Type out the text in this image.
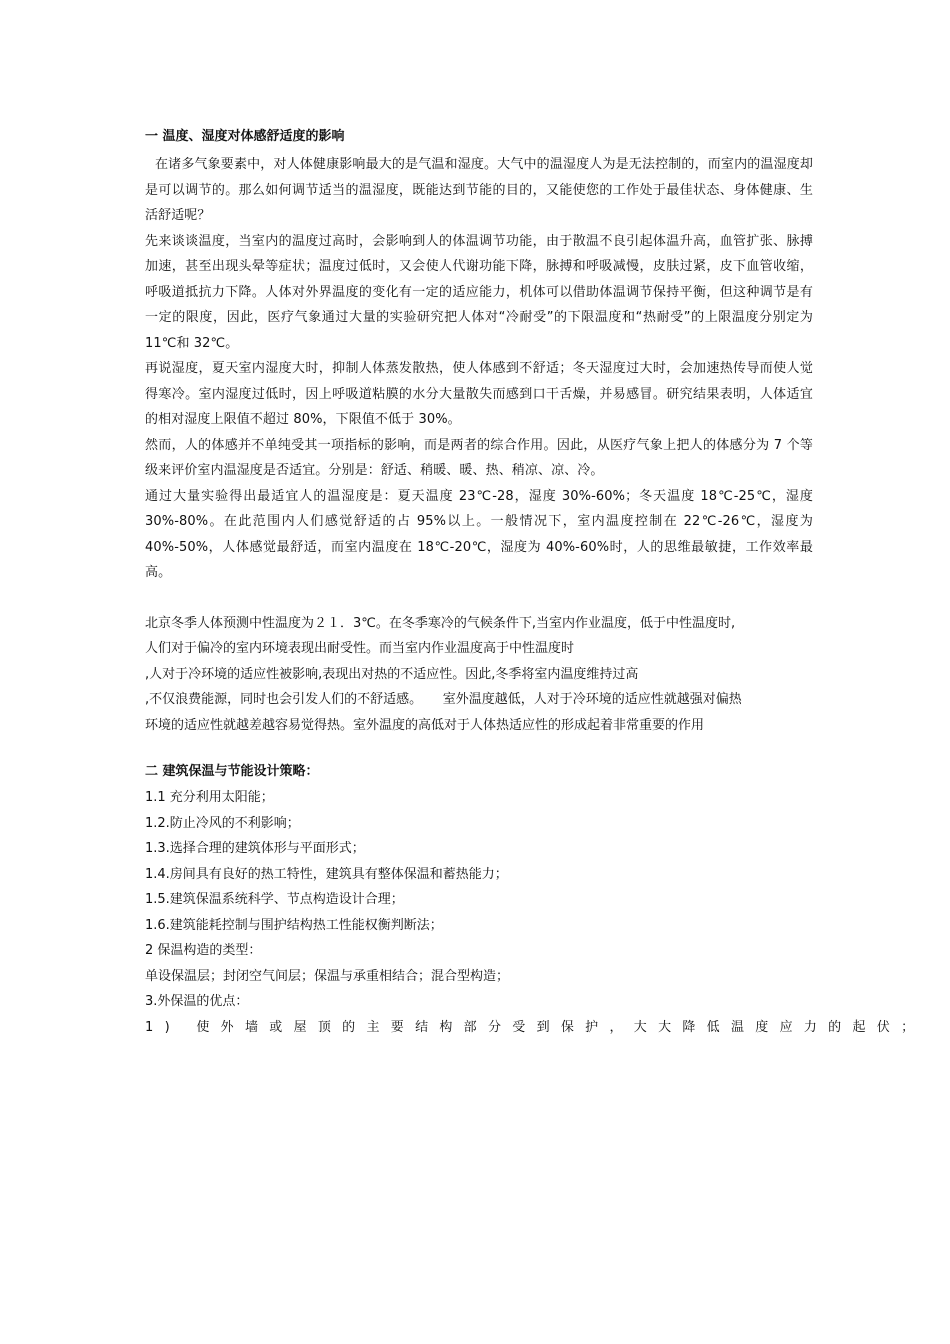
一 温度、湿度对体感舒适度的影响

在诸多气象要素中，对人体健康影响最大的是气温和湿度。大气中的温湿度人为是无法控制的，而室内的温湿度却是可以调节的。那么如何调节适当的温湿度，既能达到节能的目的，又能使您的工作处于最佳状态、身体健康、生活舒适呢？

先来谈谈温度，当室内的温度过高时，会影响到人的体温调节功能，由于散温不良引起体温升高，血管扩张、脉搏加速，甚至出现头晕等症状；温度过低时，又会使人代谢功能下降，脉搏和呼吸减慢，皮肤过紧，皮下血管收缩，呼吸道抵抗力下降。人体对外界温度的变化有一定的适应能力，机体可以借助体温调节保持平衡，但这种调节是有一定的限度，因此，医疗气象通过大量的实验研究把人体对“冷耐受”的下限温度和“热耐受”的上限温度分别定为 11℃和 32℃。

再说湿度，夏天室内湿度大时，抑制人体蒸发散热，使人体感到不舒适；冬天湿度过大时，会加速热传导而使人觉得寒冷。室内湿度过低时，因上呼吸道粘膜的水分大量散失而感到口干舌燥，并易感冒。研究结果表明，人体适宜的相对湿度上限值不超过 80%，下限值不低于 30%。

然而，人的体感并不单纯受其一项指标的影响，而是两者的综合作用。因此，从医疗气象上把人的体感分为 7 个等级来评价室内温湿度是否适宜。分别是：舒适、稍暖、暖、热、稍凉、凉、冷。

通过大量实验得出最适宜人的温湿度是：夏天温度 23℃-28，湿度 30%-60%；冬天温度 18℃-25℃，湿度 30%-80%。在此范围内人们感觉舒适的占 95%以上。一般情况下，室内温度控制在 22℃-26℃，湿度为 40%-50%，人体感觉最舒适，而室内温度在 18℃-20℃，湿度为 40%-60%时，人的思维最敏捷，工作效率最高。

北京冬季人体预测中性温度为２１．3℃。在冬季寒冷的气候条件下,当室内作业温度，低于中性温度时,

人们对于偏冷的室内环境表现出耐受性。而当室内作业温度高于中性温度时

,人对于冷环境的适应性被影响,表现出对热的不适应性。因此,冬季将室内温度维持过高

,不仅浪费能源，同时也会引发人们的不舒适感。     室外温度越低，人对于冷环境的适应性就越强对偏热

环境的适应性就越差越容易觉得热。室外温度的高低对于人体热适应性的形成起着非常重要的作用

二 建筑保温与节能设计策略：

1.1 充分利用太阳能；

1.2.防止冷风的不利影响；

1.3.选择合理的建筑体形与平面形式；

1.4.房间具有良好的热工特性，建筑具有整体保温和蓄热能力；

1.5.建筑保温系统科学、节点构造设计合理；

1.6.建筑能耗控制与围护结构热工性能权衡判断法；

2 保温构造的类型：

单设保温层；封闭空气间层；保温与承重相结合；混合型构造；

3.外保温的优点：

1) 使外墙或屋顶的主要结构部分受到保护，大大降低温度应力的起伏；
